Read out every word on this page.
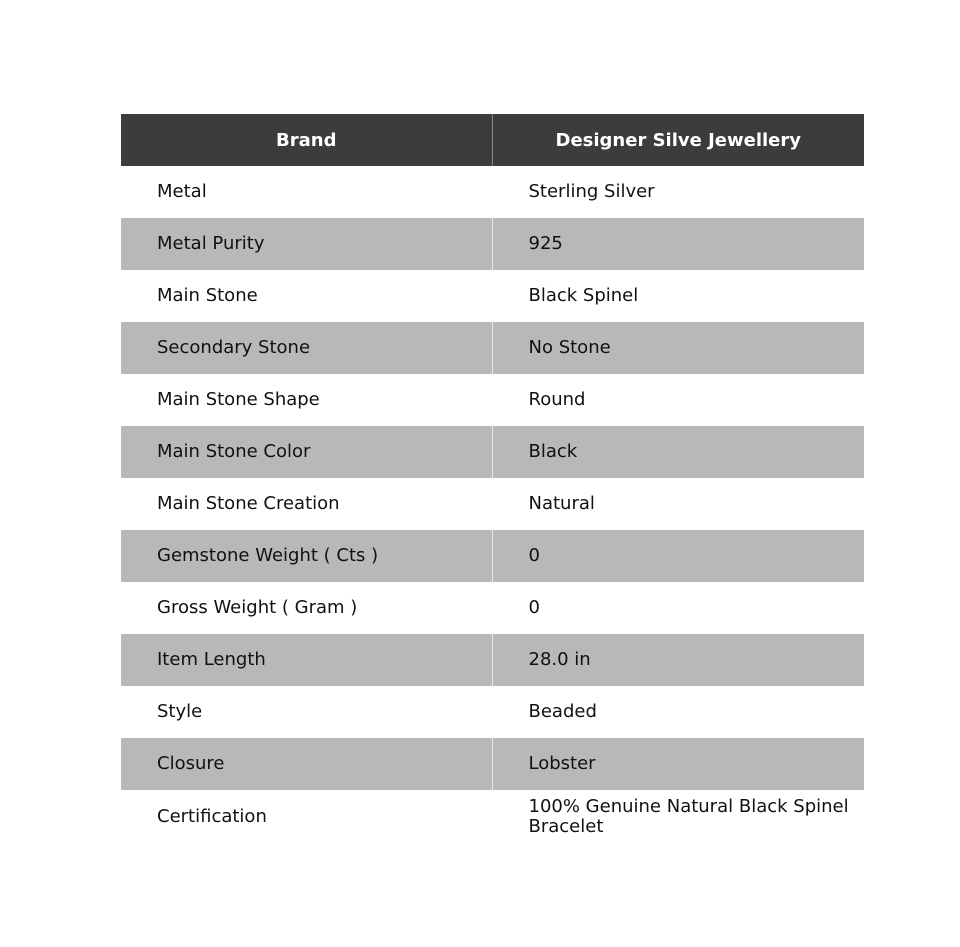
Brand	Designer Silve Jewellery
Metal	Sterling Silver
Metal Purity	925
Main Stone	Black Spinel
Secondary Stone	No Stone
Main Stone Shape	Round
Main Stone Color	Black
Main Stone Creation	Natural
Gemstone Weight ( Cts )	0
Gross Weight ( Gram )	0
Item Length	28.0 in
Style	Beaded
Closure	Lobster
Certification	100% Genuine Natural Black Spinel Bracelet
